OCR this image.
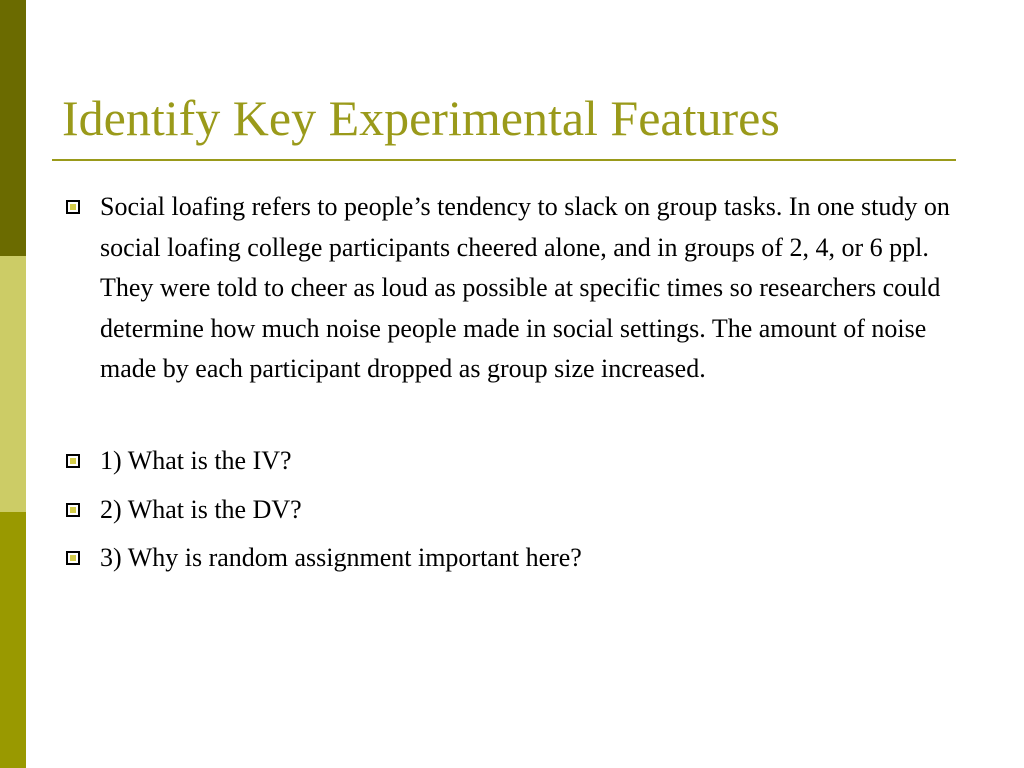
Identify Key Experimental Features
Social loafing refers to people’s tendency to slack on group tasks. In one study on social loafing college participants cheered alone, and in groups of 2, 4, or 6 ppl. They were told to cheer as loud as possible at specific times so researchers could determine how much noise people made in social settings. The amount of noise made by each participant dropped as group size increased.
1) What is the IV?
2) What is the DV?
3) Why is random assignment important here?
